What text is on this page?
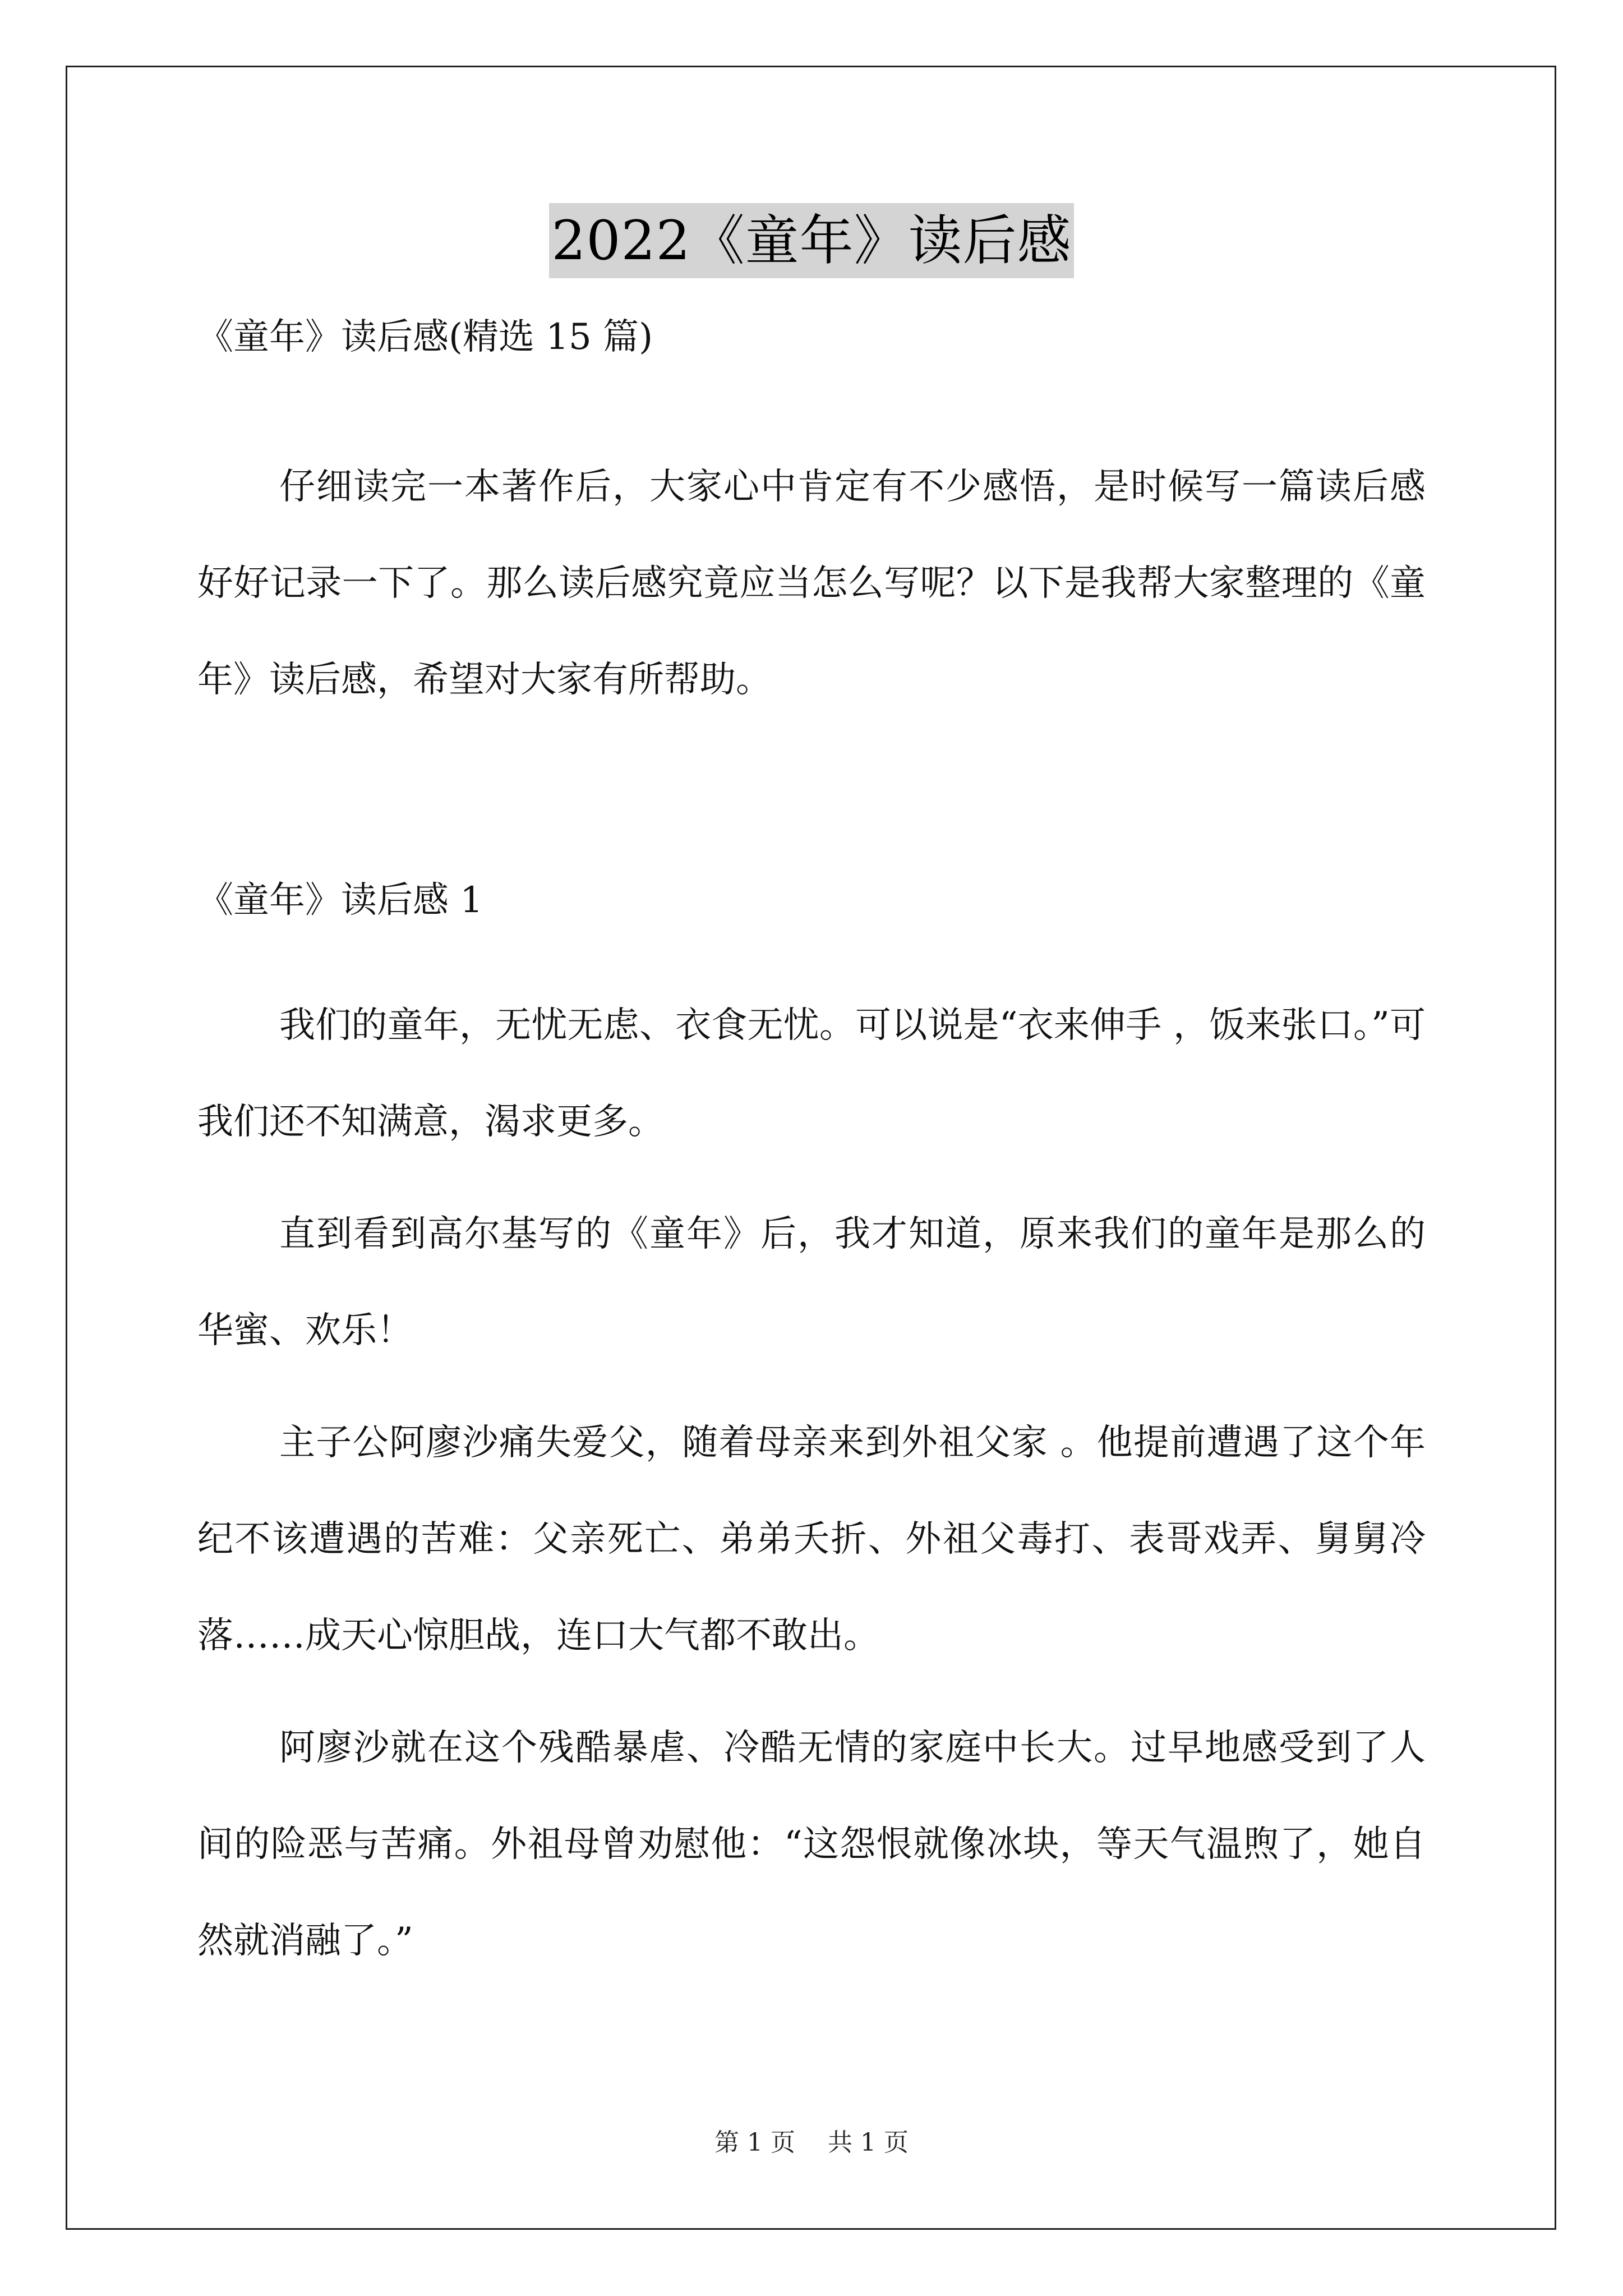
2022《童年》读后感
《童年》读后感(精选 15 篇)
仔细读完一本著作后，大家心中肯定有不少感悟，是时候写一篇读后感好好记录一下了。那么读后感究竟应当怎么写呢？以下是我帮大家整理的《童年》读后感，希望对大家有所帮助。
《童年》读后感 1
我们的童年，无忧无虑、衣食无忧。可以说是“衣来伸手 ，饭来张口。”可我们还不知满意，渴求更多。
直到看到高尔基写的《童年》后，我才知道，原来我们的童年是那么的华蜜、欢乐！
主子公阿廖沙痛失爱父，随着母亲来到外祖父家 。他提前遭遇了这个年纪不该遭遇的苦难：父亲死亡、弟弟夭折、外祖父毒打、表哥戏弄、舅舅冷落……成天心惊胆战，连口大气都不敢出。
阿廖沙就在这个残酷暴虐、冷酷无情的家庭中长大。过早地感受到了人间的险恶与苦痛。外祖母曾劝慰他：“这怨恨就像冰块，等天气温煦了，她自然就消融了。”
第 1 页 共 1 页
